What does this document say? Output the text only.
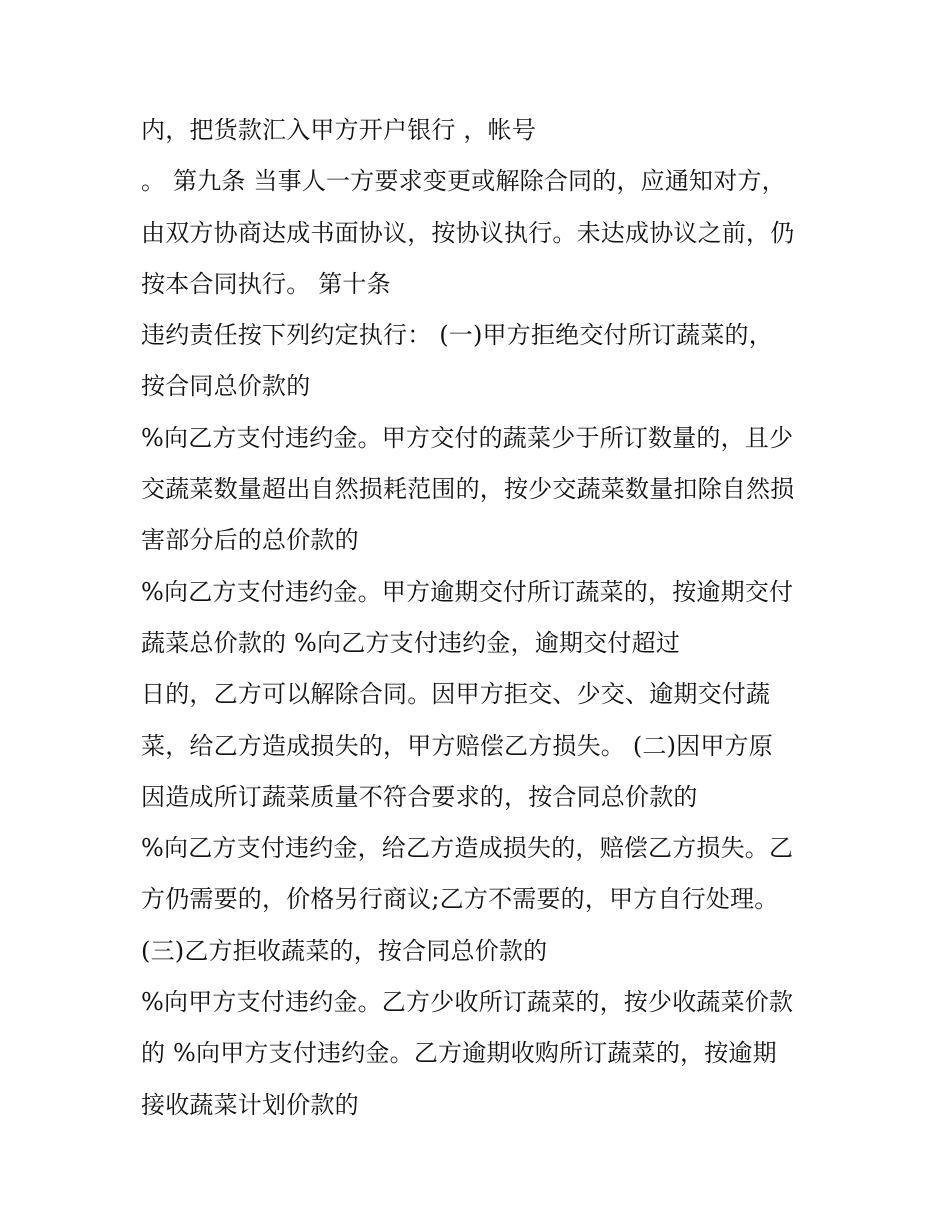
内，把货款汇入甲方开户银行 ，帐号
。 第九条 当事人一方要求变更或解除合同的，应通知对方，
由双方协商达成书面协议，按协议执行。未达成协议之前，仍
按本合同执行。 第十条
违约责任按下列约定执行： (一)甲方拒绝交付所订蔬菜的，
按合同总价款的
%向乙方支付违约金。甲方交付的蔬菜少于所订数量的，且少
交蔬菜数量超出自然损耗范围的，按少交蔬菜数量扣除自然损
害部分后的总价款的
%向乙方支付违约金。甲方逾期交付所订蔬菜的，按逾期交付
蔬菜总价款的 %向乙方支付违约金，逾期交付超过
日的，乙方可以解除合同。因甲方拒交、少交、逾期交付蔬
菜，给乙方造成损失的，甲方赔偿乙方损失。 (二)因甲方原
因造成所订蔬菜质量不符合要求的，按合同总价款的
%向乙方支付违约金，给乙方造成损失的，赔偿乙方损失。乙
方仍需要的，价格另行商议;乙方不需要的，甲方自行处理。
(三)乙方拒收蔬菜的，按合同总价款的
%向甲方支付违约金。乙方少收所订蔬菜的，按少收蔬菜价款
的 %向甲方支付违约金。乙方逾期收购所订蔬菜的，按逾期
接收蔬菜计划价款的
